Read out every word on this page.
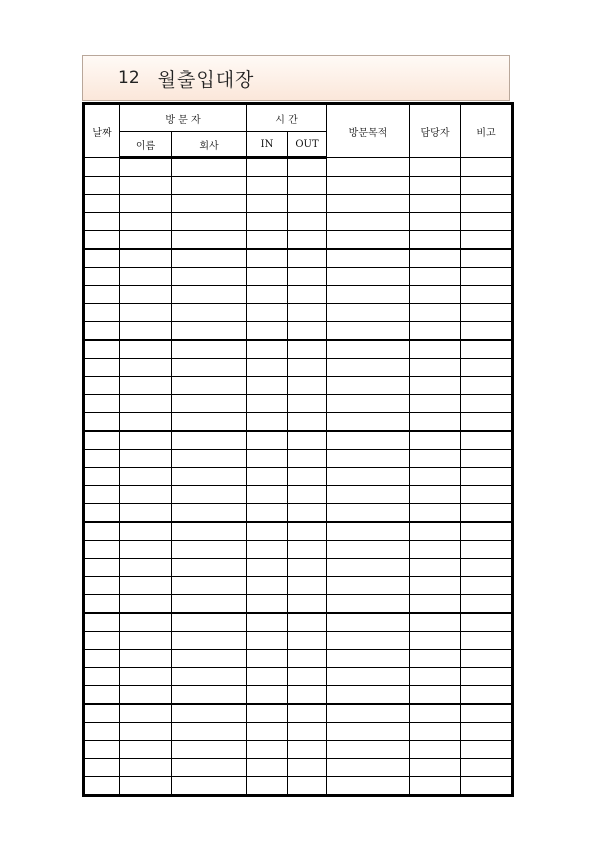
12 월출입대장
날짜	방 문 자		시 간		방문목적	담당자	비고
	이름	회사	IN	OUT			
